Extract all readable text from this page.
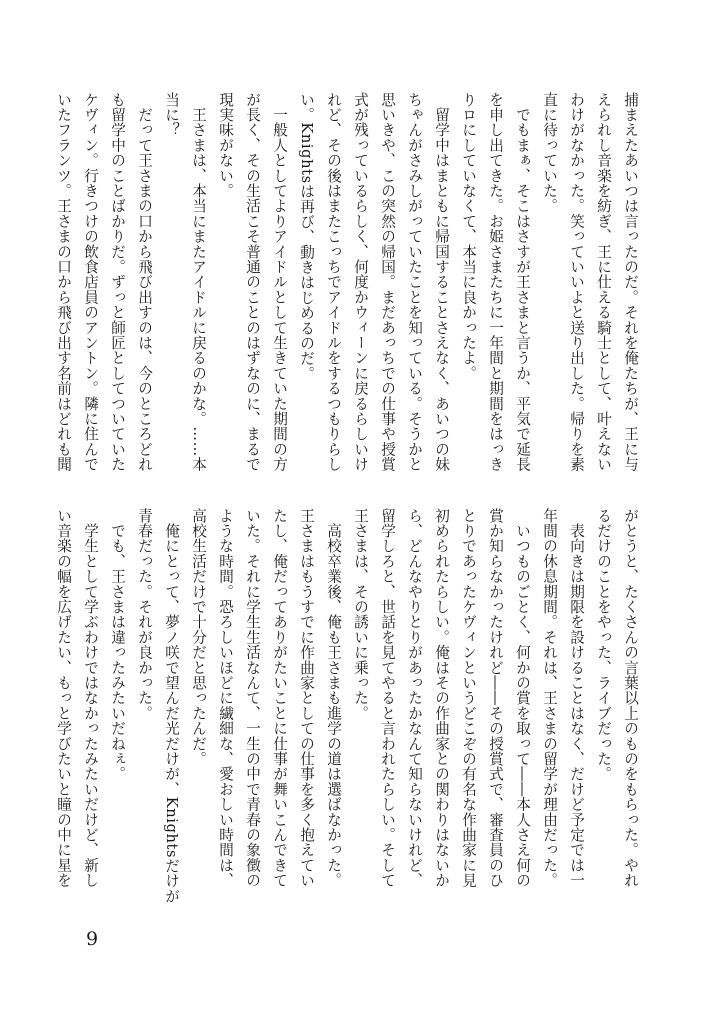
捕まえたあいつは言ったのだ。それを俺たちが、王に与
えられし音楽を紡ぎ、王に仕える騎士として、叶えない
わけがなかった。笑っていいよと送り出した。帰りを素
直に待っていた。
　でもまぁ、そこはさすが王さまと言うか、平気で延長
を申し出てきた。お姫さまたちに一年間と期間をはっき
りロにしていなくて、本当に良かったよ。
　留学中はまともに帰国することさえなく、あいつの妹
ちゃんがさみしがっていたことを知っている。そうかと
思いきや、この突然の帰国。まだあっちでの仕事や授賞
式が残っているらしく、何度かウィーンに戻るらしいけ
れど、その後はまたこっちでアイドルをするつもりらし
い。Knightsは再び、動きはじめるのだ。
　一般人としてよりアイドルとして生きていた期間の方
が長く、その生活こそ普通のことのはずなのに、まるで
現実味がない。
　王さまは、本当にまたアイドルに戻るのかな。……本
当に？
　だって王さまの口から飛び出すのは、今のところどれ
も留学中のことばかりだ。ずっと師匠としてついていた
ケヴィン。行きつけの飲食店員のアントン。隣に住んで
いたフランツ。王さまの口から飛び出す名前はどれも聞
がとうと、たくさんの言葉以上のものをもらった。やれ
るだけのことをやった、ライブだった。
　表向きは期限を設けることはなく、だけど予定では一
年間の休息期間。それは、王さまの留学が理由だった。
　いつものごとく、何かの賞を取って――本人さえ何の
賞か知らなかったけれど――その授賞式で、審査員のひ
とりであったケヴィンというどこぞの有名な作曲家に見
初められたらしい。俺はその作曲家との関わりはないか
ら、どんなやりとりがあったかなんて知らないけれど、
留学しろと、世話を見てやると言われたらしい。そして
王さまは、その誘いに乗った。
　高校卒業後、俺も王さまも進学の道は選ばなかった。
王さまはもうすでに作曲家としての仕事を多く抱えてい
たし、俺だってありがたいことに仕事が舞いこんできて
いた。それに学生生活なんて、一生の中で青春の象徴の
ような時間。恐ろしいほどに繊細な、愛おしい時間は、
高校生活だけで十分だと思ったんだ。
　俺にとって、夢ノ咲で望んだ光だけが、Knightsだけが
青春だった。それが良かった。
　でも、王さまは違ったみたいだねぇ。
　学生として学ぶわけではなかったみたいだけど、新し
い音楽の幅を広げたい、もっと学びたいと瞳の中に星を
9
